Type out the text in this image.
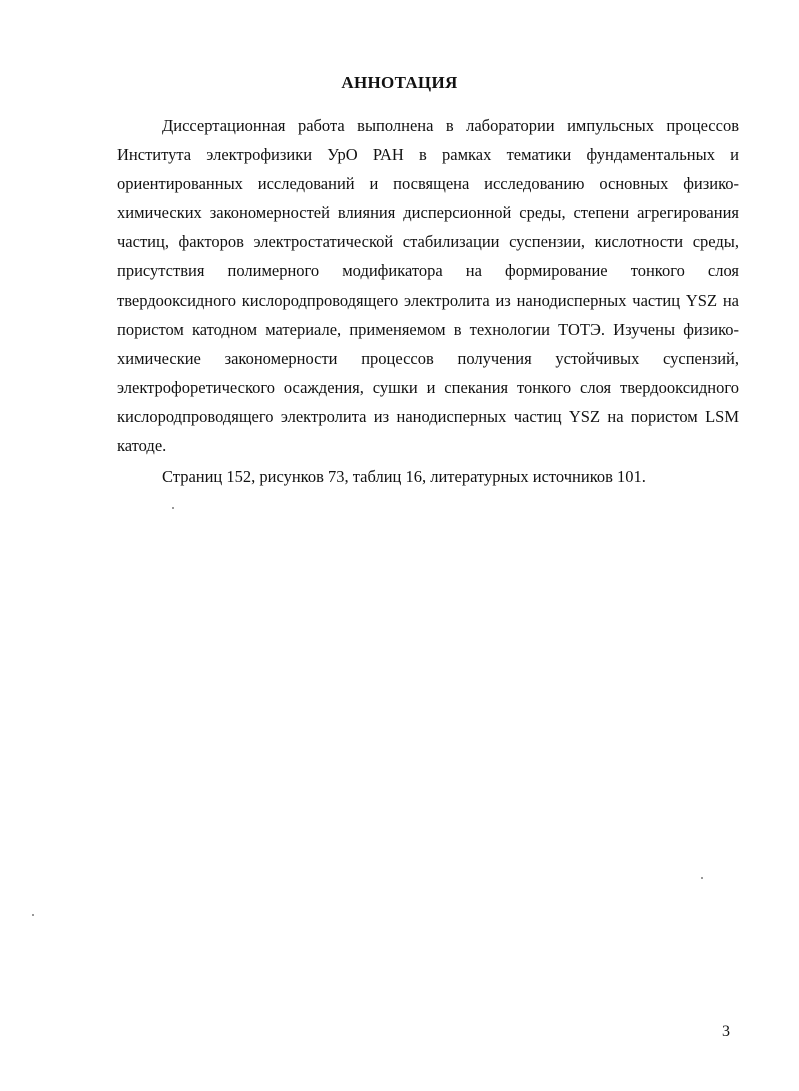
АННОТАЦИЯ

Диссертационная работа выполнена в лаборатории импульсных процессов Института электрофизики УрО РАН в рамках тематики фундаментальных и ориентированных исследований и посвящена исследованию основных физико-химических закономерностей влияния дисперсионной среды, степени агрегирования частиц, факторов электростатической стабилизации суспензии, кислотности среды, присутствия полимерного модификатора на формирование тонкого слоя твердооксидного кислородпроводящего электролита из нанодисперных частиц YSZ на пористом катодном материале, применяемом в технологии ТОТЭ. Изучены физико-химические закономерности процессов получения устойчивых суспензий, электрофоретического осаждения, сушки и спекания тонкого слоя твердооксидного кислородпроводящего электролита из нанодисперных частиц YSZ на пористом LSM катоде.

Страниц 152, рисунков 73, таблиц 16, литературных источников 101.

3
